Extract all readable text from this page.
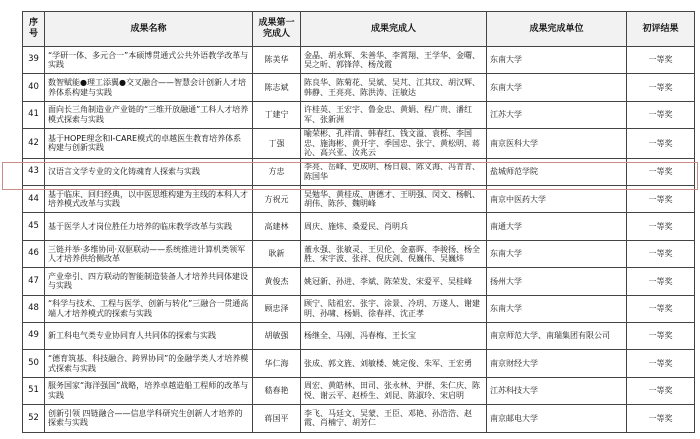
序号	成果名称	成果第一完成人	成果完成人	成果完成单位	初评结果
39	“学研一体、多元合一”本硕博贯通式公共外语教学改革与实践	陈美华	金晶、胡永辉、朱善华、李霄翔、王学华、金曙、吴之昕、郭锋萍、杨茂霞	东南大学	一等奖
40	数智赋能●理工添翼●交叉融合——智慧会计创新人才培养体系构建与实践	陈志斌	陈良华、陈菊花、吴斌、吴芃、江其玟、胡汉辉、韩静、王亮亮、陈洪涛、汪敏达	东南大学	一等奖
41	面向长三角制造业产业链的“三维开放融通”工科人才培养模式探索与实践	丁建宁	许桂英、王宏宇、鲁金忠、黄娟、程广贵、潘红军、张新洲	江苏大学	一等奖
42	基于HOPE理念和I-CARE模式的卓越医生教育培养体系构建与创新实践	丁强	喻荣彬、孔祥清、韩春红、钱文溢、袁栎、李国忠、施海彬、黄开宇、季国忠、张宁、黄松明、蒋沁、高兴亚、汝兆云	南京医科大学	一等奖
43	汉语言文学专业的文化铸魂育人探索与实践	方忠	李亮、岳峰、史成明、杨日晨、陈义海、冯青青、陈国华	盐城师范学院	一等奖
44	基于临床、回归经典，以中医思维构建为主线的本科人才培养模式改革与实践	方祝元	吴勉华、黄桂成、唐德才、王明强、闵文、杨帆、胡伟、陈莎、魏明峰	南京中医药大学	一等奖
45	基于医学人才岗位胜任力培养的临床教学改革与实践	高建林	周庆、施炜、桑爱民、肖明兵	南通大学	一等奖
46	三链并举·多维协同·双驱联动——系统推进计算机类领军人才培养供给侧改革	耿新	董永强、张敏灵、王贝伦、金嘉晖、李骏扬、杨全胜、宋宇波、张祥、倪庆剑、倪巍伟、吴巍炜	东南大学	一等奖
47	产业牵引、四方联动的智能制造装备人才培养共同体建设与实践	黄俊杰	姚冠新、孙进、李斌、陈荣发、宋爱平、吴桂峰	扬州大学	一等奖
48	“科学与技术、工程与医学、创新与转化”三融合一贯通高端人才培养模式的探索与实践	顾忠泽	顾宁、陆祖宏、张宇、涂景、冷玥、万遂人、谢建明、孙啸、杨娟、徐春祥、沈正孝	东南大学	一等奖
49	新工科电气类专业协同育人共同体的探索与实践	胡敏强	杨继全、马刚、冯春梅、王长宝	南京师范大学、南瑞集团有限公司	一等奖
50	“德育筑基、科技融合、跨界协同”的金融学类人才培养模式探索与实践	华仁海	张成、郭文旌、刘敏楼、姚定俊、朱军、王宏勇	南京财经大学	一等奖
51	服务国家“海洋强国”战略，培养卓越造船工程师的改革与实践	嵇春艳	周宏、黄皓林、田司、张永林、尹群、朱仁庆、陈悦、谢云平、赵桥生、刘昆、陈淑玲、宋启明	江苏科技大学	一等奖
52	创新引领 四链融合——信息学科研究生创新人才培养的探索与实践	蒋国平	李飞、马廷文、吴蒙、王臣、邓艳、孙浩浩、赵霞、肖楠宁、胡芳仁	南京邮电大学	一等奖
